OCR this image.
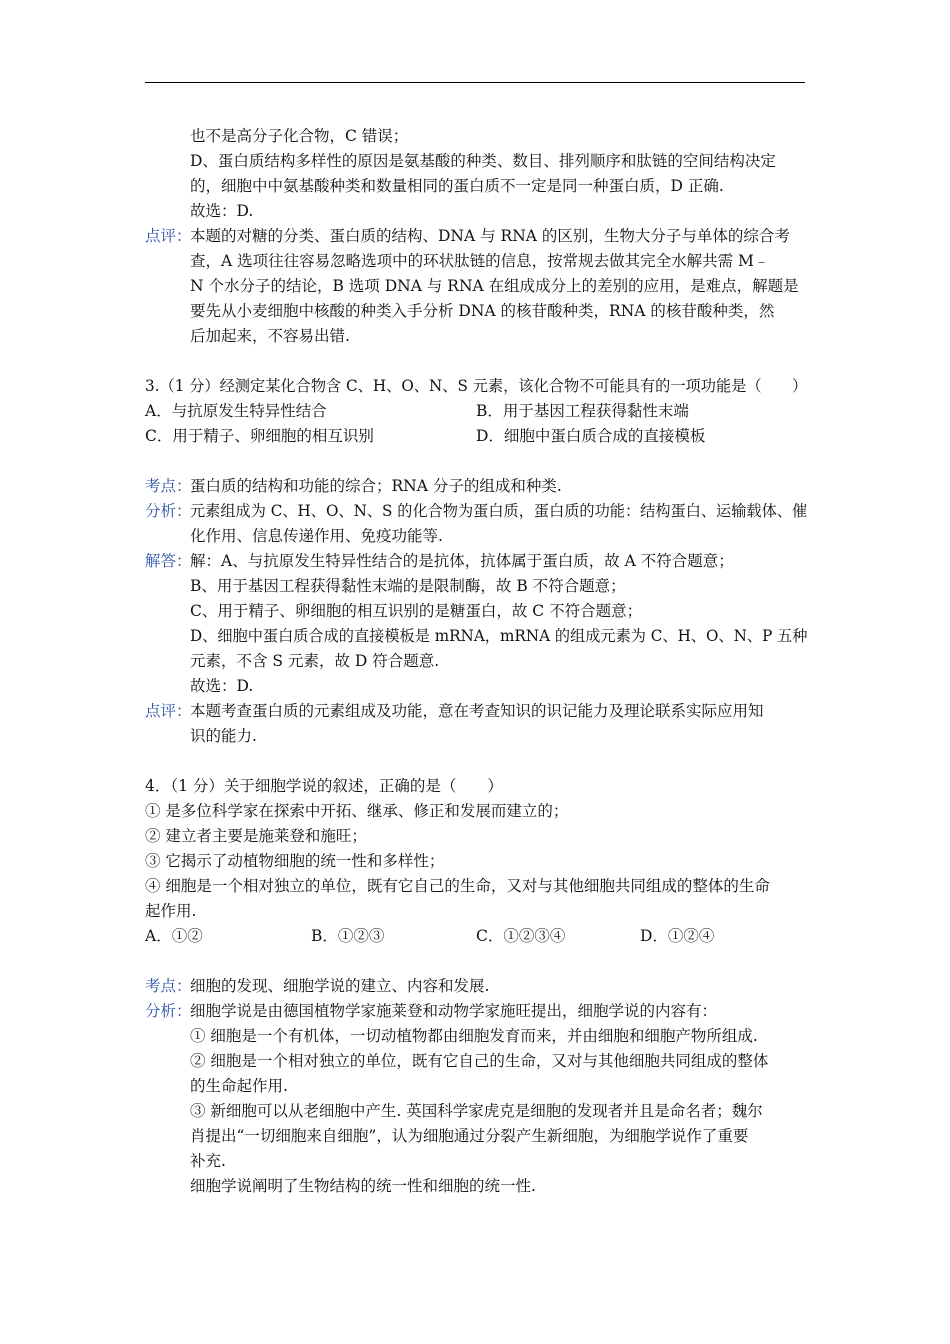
也不是高分子化合物，C 错误；
D、蛋白质结构多样性的原因是氨基酸的种类、数目、排列顺序和肽链的空间结构决定
的，细胞中中氨基酸种类和数量相同的蛋白质不一定是同一种蛋白质，D 正确.
故选：D.
点评：
本题的对糖的分类、蛋白质的结构、DNA 与 RNA 的区别，生物大分子与单体的综合考
查，A 选项往往容易忽略选项中的环状肽链的信息，按常规去做其完全水解共需 M﹣
N 个水分子的结论，B 选项 DNA 与 RNA 在组成成分上的差别的应用，是难点，解题是
要先从小麦细胞中核酸的种类入手分析 DNA 的核苷酸种类，RNA 的核苷酸种类，然
后加起来，不容易出错.
3.（1 分）经测定某化合物含 C、H、O、N、S 元素，该化合物不可能具有的一项功能是（　　）
A．与抗原发生特异性结合	B．用于基因工程获得黏性末端
C．用于精子、卵细胞的相互识别	D．细胞中蛋白质合成的直接模板
考点：
蛋白质的结构和功能的综合；RNA 分子的组成和种类.
分析：
元素组成为 C、H、O、N、S 的化合物为蛋白质，蛋白质的功能：结构蛋白、运输载体、催
化作用、信息传递作用、免疫功能等.
解答：
解：A、与抗原发生特异性结合的是抗体，抗体属于蛋白质，故 A 不符合题意；
B、用于基因工程获得黏性末端的是限制酶，故 B 不符合题意；
C、用于精子、卵细胞的相互识别的是糖蛋白，故 C 不符合题意；
D、细胞中蛋白质合成的直接模板是 mRNA，mRNA 的组成元素为 C、H、O、N、P 五种
元素，不含 S 元素，故 D 符合题意.
故选：D.
点评：
本题考查蛋白质的元素组成及功能，意在考查知识的识记能力及理论联系实际应用知
识的能力.
4．（1 分）关于细胞学说的叙述，正确的是（　　）
① 是多位科学家在探索中开拓、继承、修正和发展而建立的；
② 建立者主要是施莱登和施旺；
③ 它揭示了动植物细胞的统一性和多样性；
④ 细胞是一个相对独立的单位，既有它自己的生命，又对与其他细胞共同组成的整体的生命
起作用.
A．①②	B．①②③	C．①②③④	D．①②④
考点：
细胞的发现、细胞学说的建立、内容和发展.
分析：
细胞学说是由德国植物学家施莱登和动物学家施旺提出，细胞学说的内容有：
① 细胞是一个有机体，一切动植物都由细胞发育而来，并由细胞和细胞产物所组成.
② 细胞是一个相对独立的单位，既有它自己的生命，又对与其他细胞共同组成的整体
的生命起作用.
③ 新细胞可以从老细胞中产生. 英国科学家虎克是细胞的发现者并且是命名者；魏尔
肖提出“一切细胞来自细胞”，认为细胞通过分裂产生新细胞，为细胞学说作了重要
补充.
细胞学说阐明了生物结构的统一性和细胞的统一性.
